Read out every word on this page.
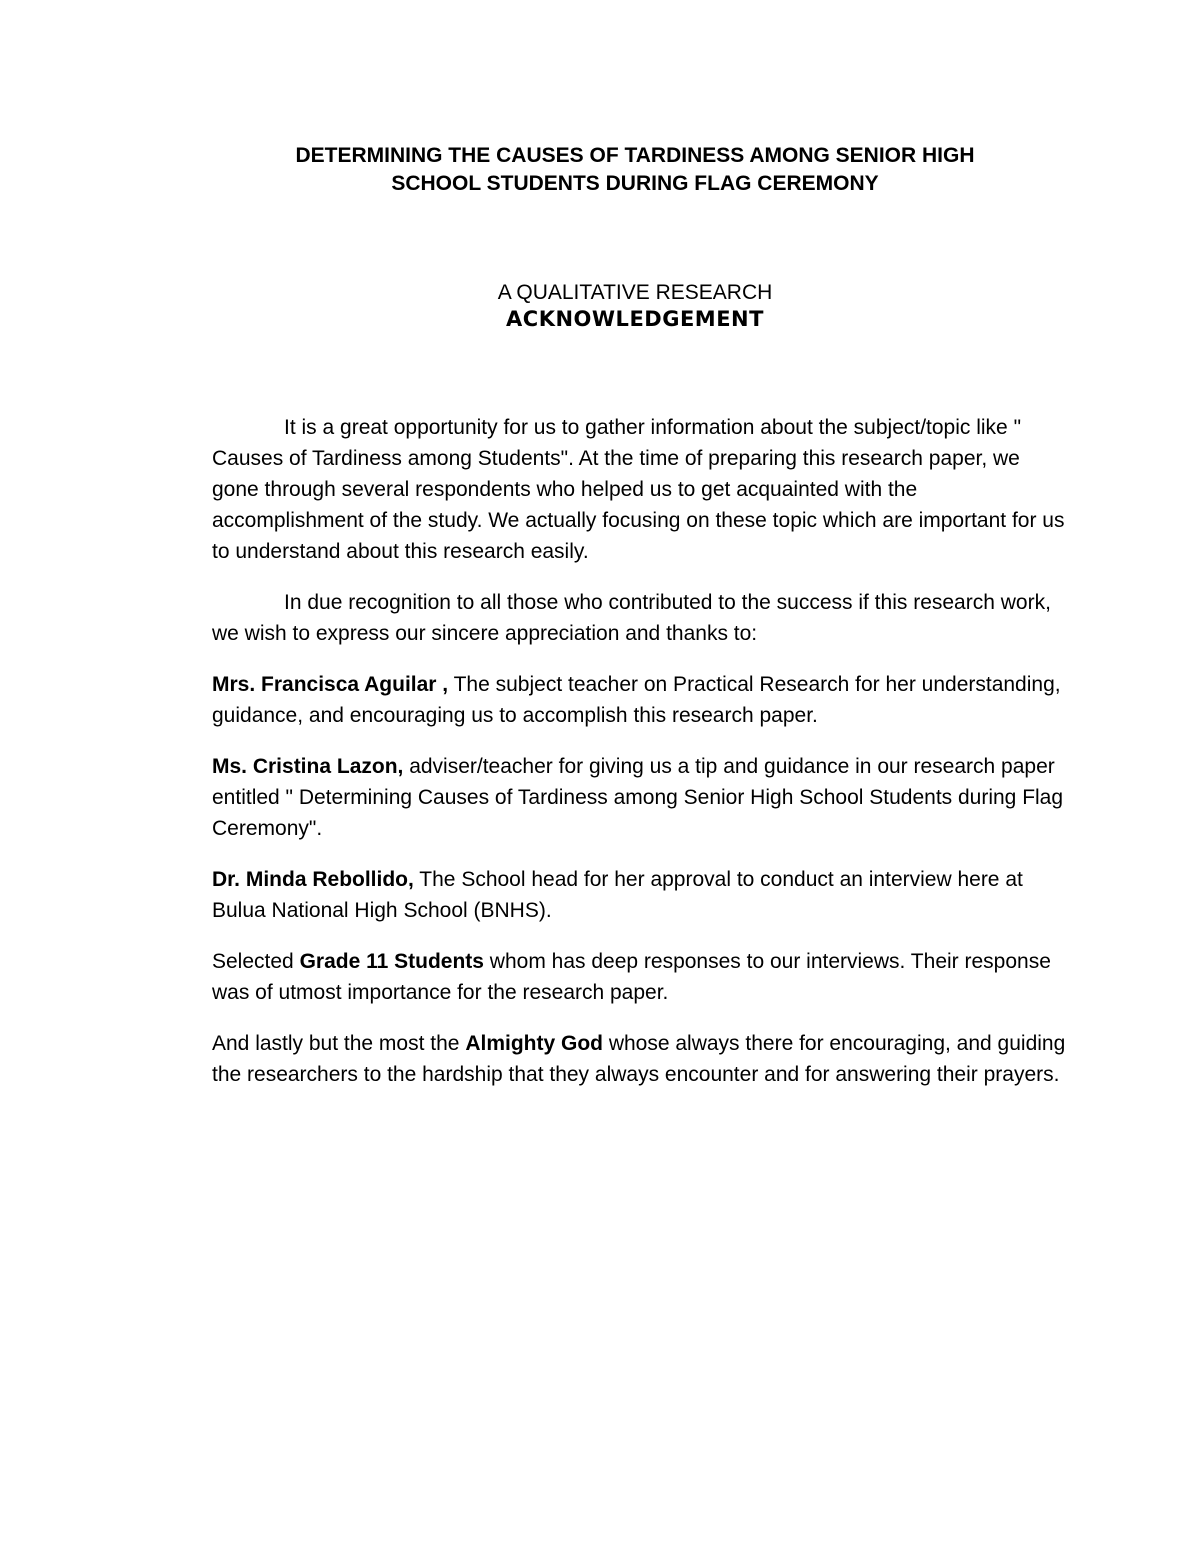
DETERMINING THE CAUSES OF TARDINESS AMONG SENIOR HIGH
SCHOOL STUDENTS DURING FLAG CEREMONY
A QUALITATIVE RESEARCH
ACKNOWLEDGEMENT

It is a great opportunity for us to gather information about the subject/topic like " Causes of Tardiness among Students". At the time of preparing this research paper, we gone through several respondents who helped us to get acquainted with the accomplishment of the study. We actually focusing on these topic which are important for us to understand about this research easily.

In due recognition to all those who contributed to the success if this research work, we wish to express our sincere appreciation and thanks to:

Mrs. Francisca Aguilar , The subject teacher on Practical Research for her understanding, guidance, and encouraging us to accomplish this research paper.

Ms. Cristina Lazon, adviser/teacher for giving us a tip and guidance in our research paper entitled " Determining Causes of Tardiness among Senior High School Students during Flag Ceremony".

Dr. Minda Rebollido, The School head for her approval to conduct an interview here at Bulua National High School (BNHS).

Selected Grade 11 Students whom has deep responses to our interviews. Their response was of utmost importance for the research paper.

And lastly but the most the Almighty God whose always there for encouraging, and guiding the researchers to the hardship that they always encounter and for answering their prayers.
